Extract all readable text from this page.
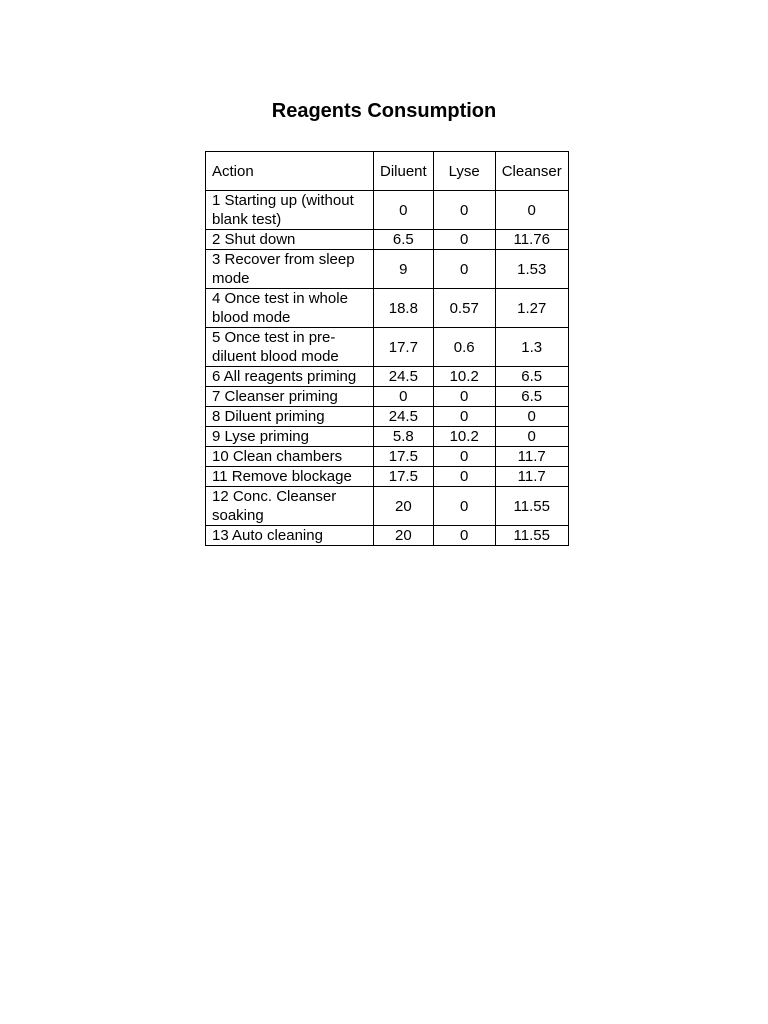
Reagents Consumption
Action	Diluent	Lyse	Cleanser
1 Starting up (without blank test)	0	0	0
2 Shut down	6.5	0	11.76
3 Recover from sleep mode	9	0	1.53
4 Once test in whole blood mode	18.8	0.57	1.27
5 Once test in pre-diluent blood mode	17.7	0.6	1.3
6 All reagents priming	24.5	10.2	6.5
7 Cleanser priming	0	0	6.5
8 Diluent priming	24.5	0	0
9 Lyse priming	5.8	10.2	0
10 Clean chambers	17.5	0	11.7
11 Remove blockage	17.5	0	11.7
12 Conc. Cleanser soaking	20	0	11.55
13 Auto cleaning	20	0	11.55
